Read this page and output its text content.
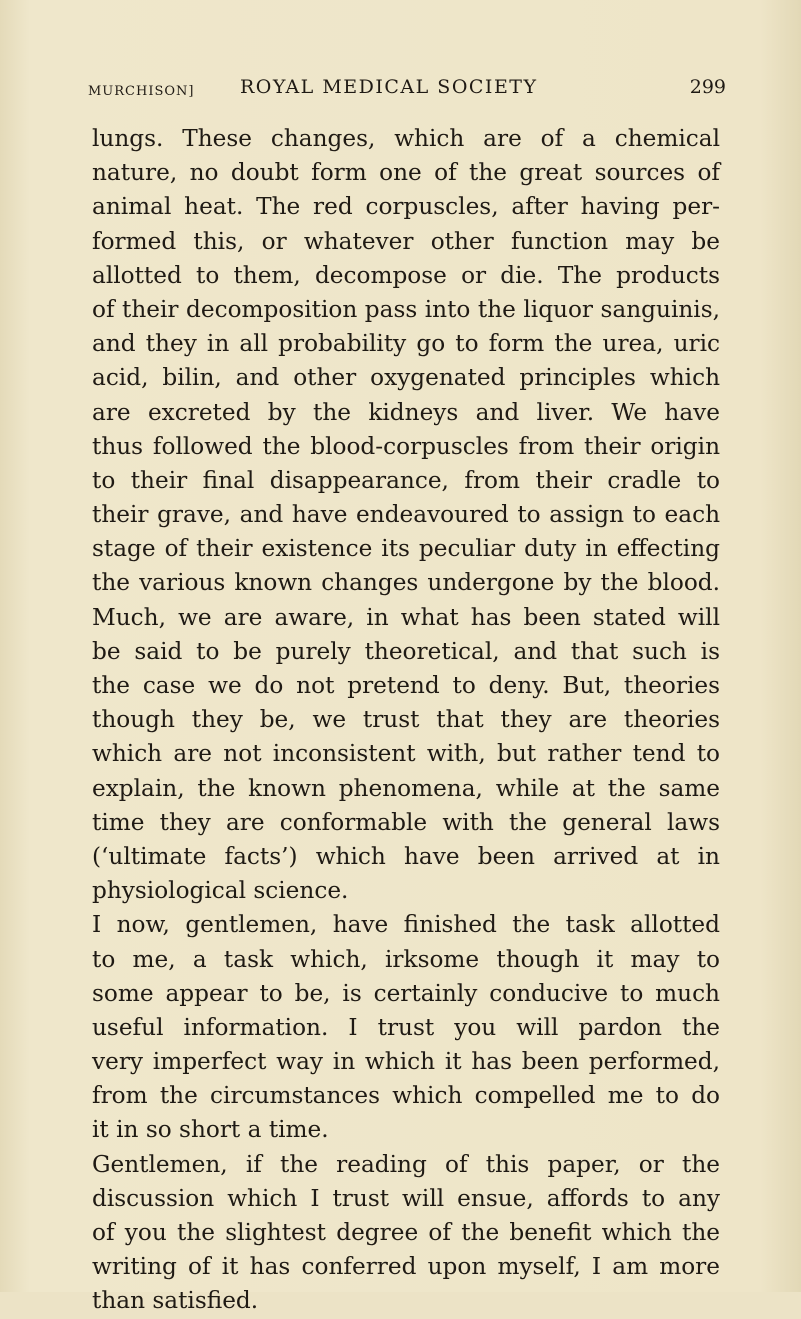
MURCHISON] ROYAL MEDICAL SOCIETY	299
lungs. These changes, which are of a chemical
nature, no doubt form one of the great sources of
animal heat. The red corpuscles, after having per-
formed this, or whatever other function may be
allotted to them, decompose or die. The products
of their decomposition pass into the liquor sanguinis,
and they in all probability go to form the urea, uric
acid, bilin, and other oxygenated principles which
are excreted by the kidneys and liver. We have
thus followed the blood-corpuscles from their origin
to their final disappearance, from their cradle to
their grave, and have endeavoured to assign to each
stage of their existence its peculiar duty in effecting
the various known changes undergone by the blood.
Much, we are aware, in what has been stated will
be said to be purely theoretical, and that such is
the case we do not pretend to deny. But, theories
though they be, we trust that they are theories
which are not inconsistent with, but rather tend to
explain, the known phenomena, while at the same
time they are conformable with the general laws
(‘ultimate facts’) which have been arrived at in
physiological science.
I now, gentlemen, have finished the task allotted
to me, a task which, irksome though it may to
some appear to be, is certainly conducive to much
useful information. I trust you will pardon the
very imperfect way in which it has been performed,
from the circumstances which compelled me to do
it in so short a time.
Gentlemen, if the reading of this paper, or the
discussion which I trust will ensue, affords to any
of you the slightest degree of the benefit which the
writing of it has conferred upon myself, I am more
than satisfied.
